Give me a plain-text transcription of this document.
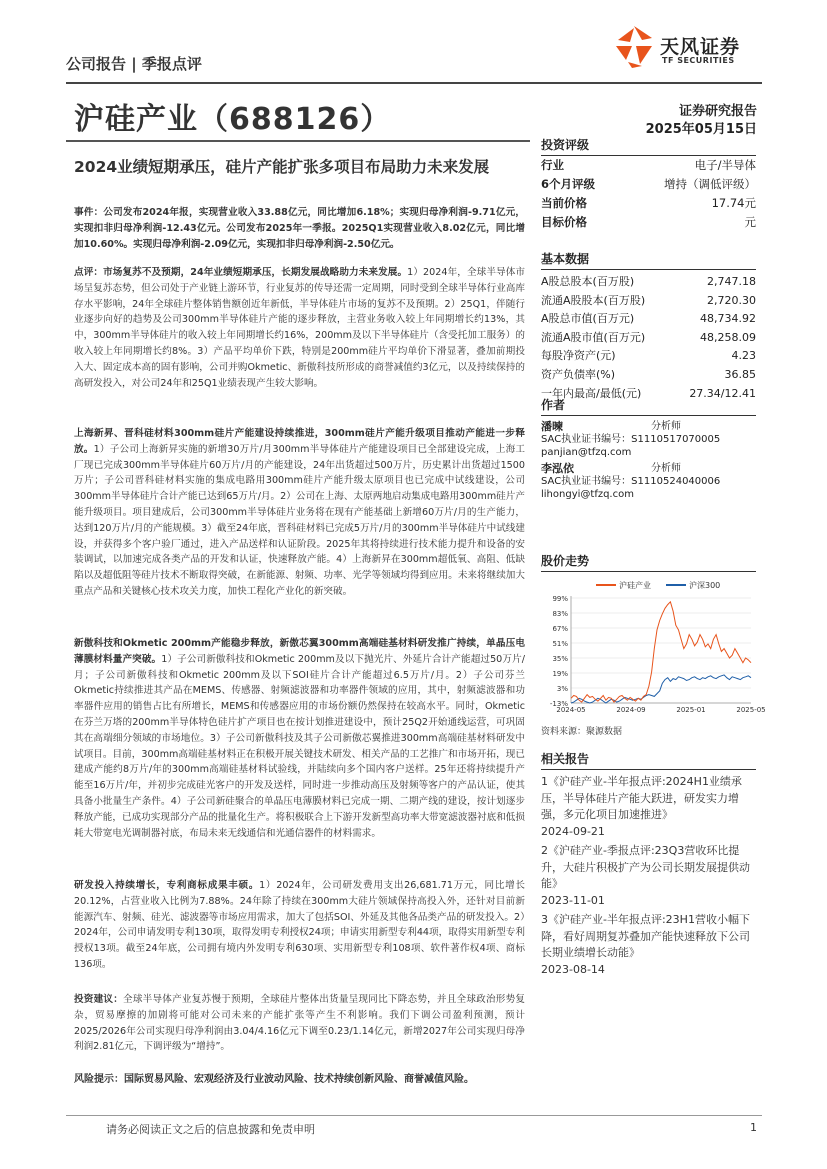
公司报告 | 季报点评
天风证券
TF SECURITIES
沪硅产业（688126）	证券研究报告
2025年05月15日
2024业绩短期承压，硅片产能扩张多项目布局助力未来发展
事件：公司发布2024年报，实现营业收入33.88亿元，同比增加6.18%；实现归母净利润-9.71亿元，实现扣非归母净利润-12.43亿元。公司发布2025年一季报。2025Q1实现营业收入8.02亿元，同比增加10.60%。实现归母净利润-2.09亿元，实现扣非归母净利润-2.50亿元。
点评：市场复苏不及预期，24年业绩短期承压，长期发展战略助力未来发展。1）2024年，全球半导体市场呈复苏态势，但公司处于产业链上游环节，行业复苏的传导还需一定周期，同时受到全球半导体行业高库存水平影响，24年全球硅片整体销售额创近年新低，半导体硅片市场的复苏不及预期。2）25Q1，伴随行业逐步向好的趋势及公司300mm半导体硅片产能的逐步释放，主营业务收入较上年同期增长约13%，其中，300mm半导体硅片的收入较上年同期增长约16%，200mm及以下半导体硅片（含受托加工服务）的收入较上年同期增长约8%。3）产品平均单价下跌，特别是200mm硅片平均单价下滑显著，叠加前期投入大、固定成本高的固有影响，公司并购Okmetic、新傲科技所形成的商誉减值约3亿元，以及持续保持的高研发投入，对公司24年和25Q1业绩表现产生较大影响。
上海新昇、晋科硅材料300mm硅片产能建设持续推进，300mm硅片产能升级项目推动产能进一步释放。1）子公司上海新昇实施的新增30万片/月300mm半导体硅片产能建设项目已全部建设完成，上海工厂现已完成300mm半导体硅片60万片/月的产能建设，24年出货超过500万片，历史累计出货超过1500万片；子公司晋科硅材料实施的集成电路用300mm硅片产能升级太原项目也已完成中试线建设，公司300mm半导体硅片合计产能已达到65万片/月。2）公司在上海、太原两地启动集成电路用300mm硅片产能升级项目。项目建成后，公司300mm半导体硅片业务将在现有产能基础上新增60万片/月的生产能力，达到120万片/月的产能规模。3）截至24年底，晋科硅材料已完成5万片/月的300mm半导体硅片中试线建设，并获得多个客户验厂通过，进入产品送样和认证阶段。2025年其将持续进行技术能力提升和设备的安装调试，以加速完成各类产品的开发和认证，快速释放产能。4）上海新昇在300mm超低氧、高阻、低缺陷以及超低阻等硅片技术不断取得突破，在新能源、射频、功率、光学等领域均得到应用。未来将继续加大重点产品和关键核心技术攻关力度，加快工程化产业化的新突破。
新傲科技和Okmetic 200mm产能稳步释放，新傲芯翼300mm高端硅基材料研发推广持续，单晶压电薄膜材料量产突破。1）子公司新傲科技和Okmetic 200mm及以下抛光片、外延片合计产能超过50万片/月；子公司新傲科技和Okmetic 200mm及以下SOI硅片合计产能超过6.5万片/月。2）子公司芬兰Okmetic持续推进其产品在MEMS、传感器、射频滤波器和功率器件领域的应用，其中，射频滤波器和功率器件应用的销售占比有所增长，MEMS和传感器应用的市场份额仍然保持在较高水平。同时，Okmetic在芬兰万塔的200mm半导体特色硅片扩产项目也在按计划推进建设中，预计25Q2开始通线运营，可巩固其在高端细分领域的市场地位。3）子公司新傲科技及其子公司新傲芯翼推进300mm高端硅基材料研发中试项目。目前，300mm高端硅基材料正在积极开展关键技术研发、相关产品的工艺推广和市场开拓，现已建成产能约8万片/年的300mm高端硅基材料试验线，并陆续向多个国内客户送样。25年还将持续提升产能至16万片/年，并初步完成硅光客户的开发及送样，同时进一步推动高压及射频等客户的产品认证，使其具备小批量生产条件。4）子公司新硅聚合的单晶压电薄膜材料已完成一期、二期产线的建设，按计划逐步释放产能，已成功实现部分产品的批量化生产。将积极联合上下游开发新型高功率大带宽滤波器衬底和低损耗大带宽电光调制器衬底，布局未来无线通信和光通信器件的材料需求。
研发投入持续增长，专利商标成果丰硕。1）2024年，公司研发费用支出26,681.71万元，同比增长20.12%，占营业收入比例为7.88%。24年除了持续在300mm大硅片领域保持高投入外，还针对目前新能源汽车、射频、硅光、滤波器等市场应用需求，加大了包括SOI、外延及其他各品类产品的研发投入。2）2024年，公司申请发明专利130项，取得发明专利授权24项；申请实用新型专利44项，取得实用新型专利授权13项。截至24年底，公司拥有境内外发明专利630项、实用新型专利108项、软件著作权4项、商标136项。
投资建议：全球半导体产业复苏慢于预期，全球硅片整体出货量呈现同比下降态势，并且全球政治形势复杂，贸易摩擦的加剧将可能对公司未来的产能扩张等产生不利影响。我们下调公司盈利预测，预计2025/2026年公司实现归母净利润由3.04/4.16亿元下调至0.23/1.14亿元，新增2027年公司实现归母净利润2.81亿元，下调评级为“增持”。
风险提示：国际贸易风险、宏观经济及行业波动风险、技术持续创新风险、商誉减值风险。
投资评级
行业	电子/半导体
6个月评级	增持（调低评级）
当前价格	17.74元
目标价格	元
基本数据
A股总股本(百万股)	2,747.18
流通A股股本(百万股)	2,720.30
A股总市值(百万元)	48,734.92
流通A股市值(百万元)	48,258.09
每股净资产(元)	4.23
资产负债率(%)	36.85
一年内最高/最低(元)	27.34/12.41
作者
潘暕	分析师
SAC执业证书编号：S1110517070005
panjian@tfzq.com
李泓依	分析师
SAC执业证书编号：S1110524040006
lihongyi@tfzq.com
股价走势
沪硅产业	沪深300
99%
83%
67%
51%
35%
19%
3%
-13%
2024-05	2024-09	2025-01	2025-05
资料来源：聚源数据
相关报告
1《沪硅产业-半年报点评:2024H1业绩承压，半导体硅片产能大跃进，研发实力增强，多元化项目加速推进》
2024-09-21
2《沪硅产业-季报点评:23Q3营收环比提升，大硅片积极扩产为公司长期发展提供动能》
2023-11-01
3《沪硅产业-半年报点评:23H1营收小幅下降，看好周期复苏叠加产能快速释放下公司长期业绩增长动能》
2023-08-14
请务必阅读正文之后的信息披露和免责申明	1
